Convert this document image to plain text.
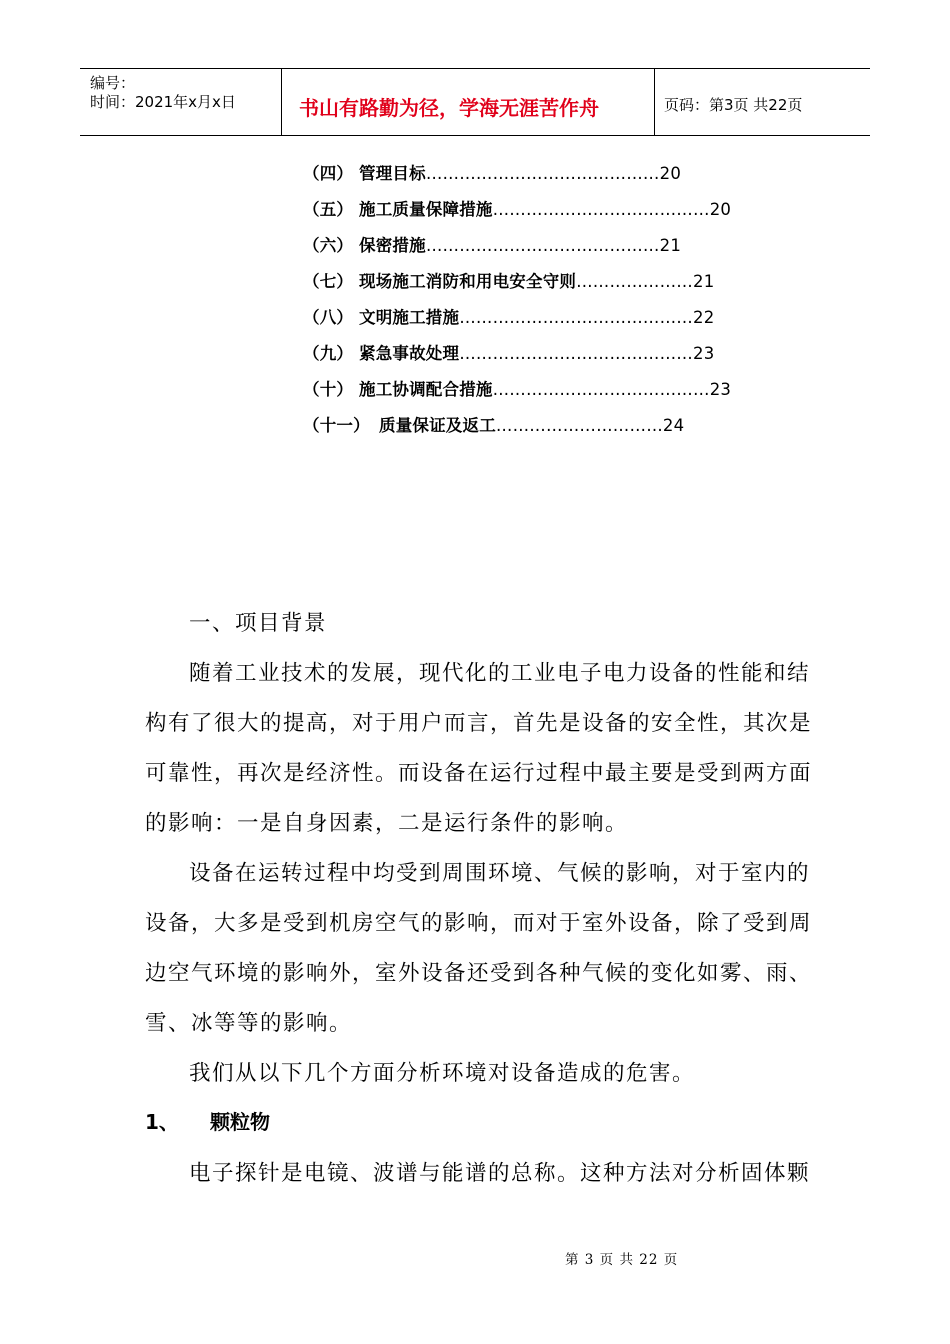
编号：
时间：2021年x月x日	书山有路勤为径，学海无涯苦作舟	页码：第3页 共22页
（四） 管理目标……………………………………20
（五） 施工质量保障措施…………………………………20
（六） 保密措施……………………………………21
（七） 现场施工消防和用电安全守则…………………21
（八） 文明施工措施……………………………………22
（九） 紧急事故处理……………………………………23
（十） 施工协调配合措施…………………………………23
（十一） 质量保证及返工…………………………24
一、项目背景
随着工业技术的发展，现代化的工业电子电力设备的性能和结
构有了很大的提高，对于用户而言，首先是设备的安全性，其次是
可靠性，再次是经济性。而设备在运行过程中最主要是受到两方面
的影响：一是自身因素，二是运行条件的影响。
设备在运转过程中均受到周围环境、气候的影响，对于室内的
设备，大多是受到机房空气的影响，而对于室外设备，除了受到周
边空气环境的影响外，室外设备还受到各种气候的变化如雾、雨、
雪、冰等等的影响。
我们从以下几个方面分析环境对设备造成的危害。
1、 颗粒物
电子探针是电镜、波谱与能谱的总称。这种方法对分析固体颗
第 3 页 共 22 页
